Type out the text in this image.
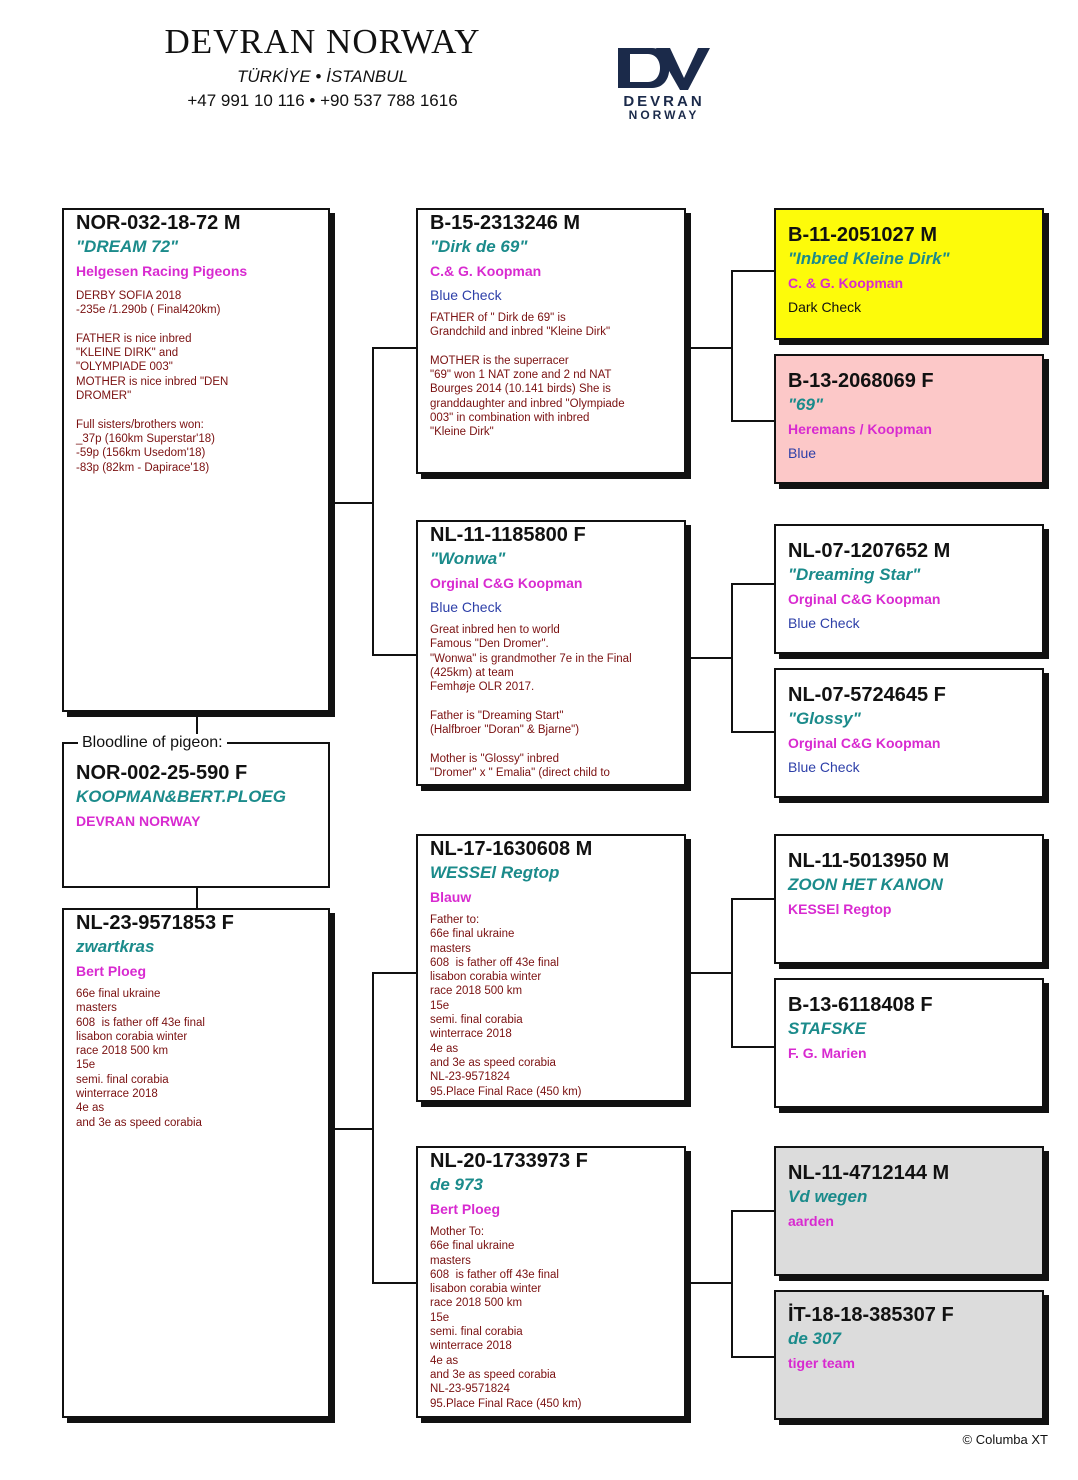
DEVRAN NORWAY
TÜRKİYE • İSTANBUL
+47 991 10 116 • +90 537 788 1616	DEVRAN
NORWAY
NOR-032-18-72 M
"DREAM 72"
Helgesen Racing Pigeons
DERBY SOFIA 2018
-235e /1.290b ( Final420km)

FATHER is nice inbred
"KLEINE DIRK" and
"OLYMPIADE 003"
MOTHER is nice inbred "DEN
DROMER"

Full sisters/brothers won:
_37p (160km Superstar'18)
-59p (156km Usedom'18)
-83p (82km - Dapirace'18)
NOR-002-25-590 F
KOOPMAN&BERT.PLOEG
DEVRAN NORWAY
Bloodline of pigeon:
NL-23-9571853 F
zwartkras
Bert Ploeg
66e final ukraine
masters
608  is father off 43e final
lisabon corabia winter
race 2018 500 km
15e
semi. final corabia
winterrace 2018
4e as
and 3e as speed corabia
B-15-2313246 M
"Dirk de 69"
C.& G. Koopman
Blue Check
FATHER of " Dirk de 69" is
Grandchild and inbred "Kleine Dirk"

MOTHER is the superracer
"69" won 1 NAT zone and 2 nd NAT
Bourges 2014 (10.141 birds) She is
granddaughter and inbred "Olympiade
003" in combination with inbred
"Kleine Dirk"
NL-11-1185800 F
"Wonwa"
Orginal C&G Koopman
Blue Check
Great inbred hen to world
Famous "Den Dromer".
"Wonwa" is grandmother 7e in the Final
(425km) at team
Femhøje OLR 2017.

Father is "Dreaming Start"
(Halfbroer "Doran" & Bjarne")

Mother is "Glossy" inbred
"Dromer" x " Emalia" (direct child to
NL-17-1630608 M
WESSEl Regtop
Blauw
Father to:
66e final ukraine
masters
608  is father off 43e final
lisabon corabia winter
race 2018 500 km
15e
semi. final corabia
winterrace 2018
4e as
and 3e as speed corabia
NL-23-9571824
95.Place Final Race (450 km)
NL-20-1733973 F
de 973
Bert Ploeg
Mother To:
66e final ukraine
masters
608  is father off 43e final
lisabon corabia winter
race 2018 500 km
15e
semi. final corabia
winterrace 2018
4e as
and 3e as speed corabia
NL-23-9571824
95.Place Final Race (450 km)
B-11-2051027 M
"Inbred Kleine Dirk"
C. & G. Koopman
Dark Check
B-13-2068069 F
"69"
Heremans / Koopman
Blue
NL-07-1207652 M
"Dreaming Star"
Orginal C&G Koopman
Blue Check
NL-07-5724645 F
"Glossy"
Orginal C&G Koopman
Blue Check
NL-11-5013950 M
ZOON HET KANON
KESSEl Regtop
B-13-6118408 F
STAFSKE
F. G. Marien
NL-11-4712144 M
Vd wegen
aarden
İT-18-18-385307 F
de 307
tiger team
© Columba XT
